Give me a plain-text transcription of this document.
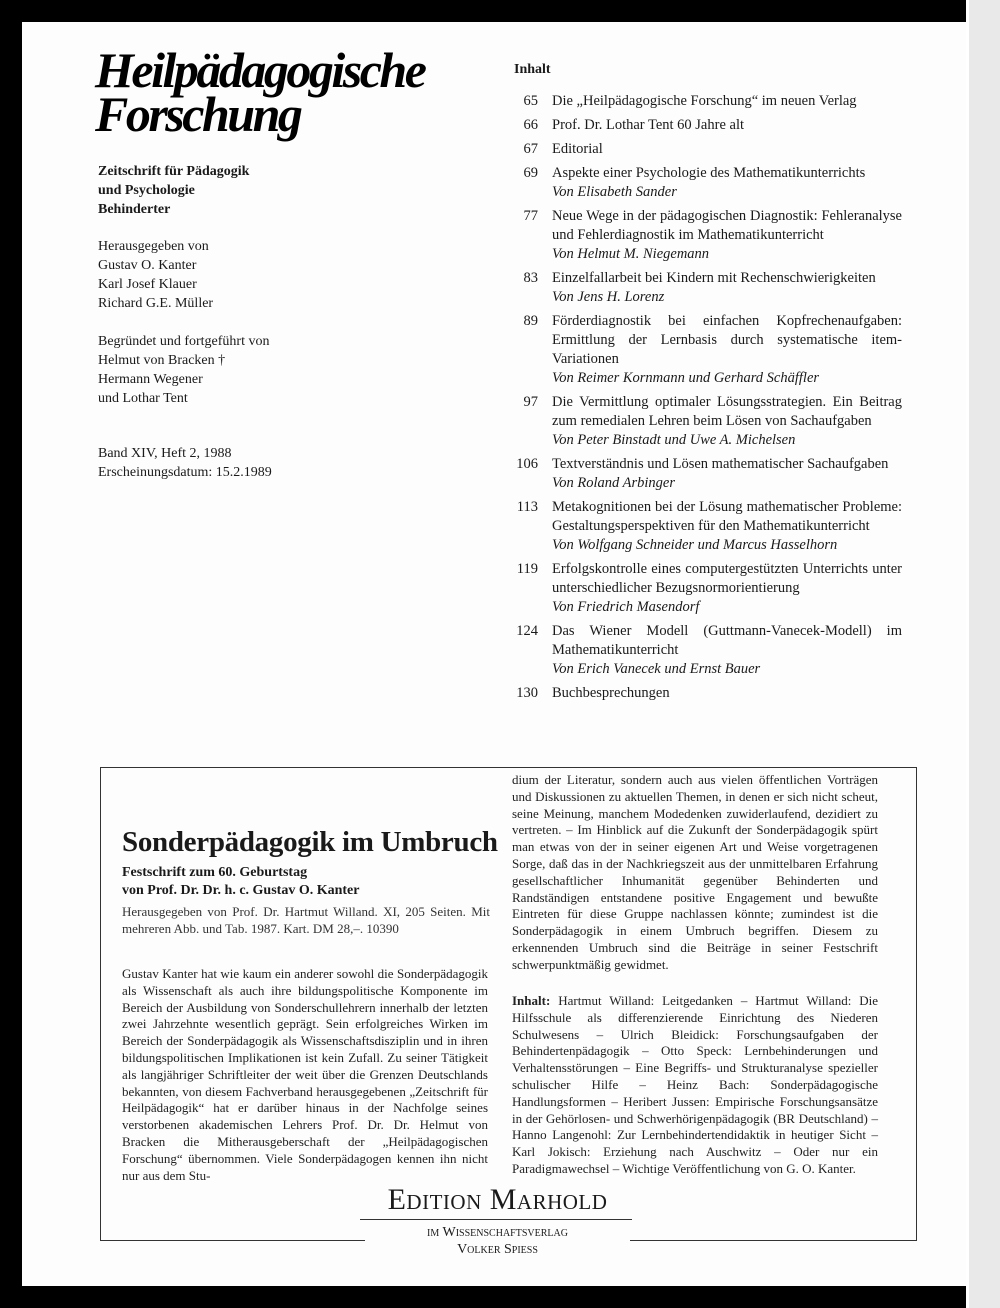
Heilpädagogische
Forschung
Zeitschrift für Pädagogik
und Psychologie
Behinderter
Herausgegeben von
Gustav O. Kanter
Karl Josef Klauer
Richard G.E. Müller
Begründet und fortgeführt von
Helmut von Bracken †
Hermann Wegener
und Lothar Tent
Band XIV, Heft 2, 1988
Erscheinungsdatum: 15.2.1989
Inhalt
65 Die „Heilpädagogische Forschung“ im neuen Verlag
66 Prof. Dr. Lothar Tent 60 Jahre alt
67 Editorial
69 Aspekte einer Psychologie des Mathematikunterrichts
Von Elisabeth Sander
77 Neue Wege in der pädagogischen Diagnostik: Fehleranalyse und Fehlerdiagnostik im Mathematikunterricht
Von Helmut M. Niegemann
83 Einzelfallarbeit bei Kindern mit Rechenschwierigkeiten
Von Jens H. Lorenz
89 Förderdiagnostik bei einfachen Kopfrechenaufgaben: Ermittlung der Lernbasis durch systematische item-Variationen
Von Reimer Kornmann und Gerhard Schäffler
97 Die Vermittlung optimaler Lösungsstrategien. Ein Beitrag zum remedialen Lehren beim Lösen von Sachaufgaben
Von Peter Binstadt und Uwe A. Michelsen
106 Textverständnis und Lösen mathematischer Sachaufgaben
Von Roland Arbinger
113 Metakognitionen bei der Lösung mathematischer Probleme: Gestaltungsperspektiven für den Mathematikunterricht
Von Wolfgang Schneider und Marcus Hasselhorn
119 Erfolgskontrolle eines computergestützten Unterrichts unter unterschiedlicher Bezugsnormorientierung
Von Friedrich Masendorf
124 Das Wiener Modell (Guttmann-Vanecek-Modell) im Mathematikunterricht
Von Erich Vanecek und Ernst Bauer
130 Buchbesprechungen
Sonderpädagogik im Umbruch
Festschrift zum 60. Geburtstag
von Prof. Dr. Dr. h. c. Gustav O. Kanter
Herausgegeben von Prof. Dr. Hartmut Willand. XI, 205 Seiten. Mit mehreren Abb. und Tab. 1987. Kart. DM 28,–. 10390
Gustav Kanter hat wie kaum ein anderer sowohl die Sonderpädagogik als Wissenschaft als auch ihre bildungspolitische Komponente im Bereich der Ausbildung von Sonderschullehrern innerhalb der letzten zwei Jahrzehnte wesentlich geprägt. Sein erfolgreiches Wirken im Bereich der Sonderpädagogik als Wissenschaftsdisziplin und in ihren bildungspolitischen Implikationen ist kein Zufall. Zu seiner Tätigkeit als langjähriger Schriftleiter der weit über die Grenzen Deutschlands bekannten, von diesem Fachverband herausgegebenen „Zeitschrift für Heilpädagogik“ hat er darüber hinaus in der Nachfolge seines verstorbenen akademischen Lehrers Prof. Dr. Dr. Helmut von Bracken die Mitherausgeberschaft der „Heilpädagogischen Forschung“ übernommen. Viele Sonderpädagogen kennen ihn nicht nur aus dem Stu-
dium der Literatur, sondern auch aus vielen öffentlichen Vorträgen und Diskussionen zu aktuellen Themen, in denen er sich nicht scheut, seine Meinung, manchem Modedenken zuwiderlaufend, dezidiert zu vertreten. – Im Hinblick auf die Zukunft der Sonderpädagogik spürt man etwas von der in seiner eigenen Art und Weise vorgetragenen Sorge, daß das in der Nachkriegszeit aus der unmittelbaren Erfahrung gesellschaftlicher Inhumanität gegenüber Behinderten und Randständigen entstandene positive Engagement und bewußte Eintreten für diese Gruppe nachlassen könnte; zumindest ist die Sonderpädagogik in einem Umbruch begriffen. Diesem zu erkennenden Umbruch sind die Beiträge in seiner Festschrift schwerpunktmäßig gewidmet.
Inhalt: Hartmut Willand: Leitgedanken – Hartmut Willand: Die Hilfsschule als differenzierende Einrichtung des Niederen Schulwesens – Ulrich Bleidick: Forschungsaufgaben der Behindertenpädagogik – Otto Speck: Lernbehinderungen und Verhaltensstörungen – Eine Begriffs- und Strukturanalyse spezieller schulischer Hilfe – Heinz Bach: Sonderpädagogische Handlungsformen – Heribert Jussen: Empirische Forschungsansätze in der Gehörlosen- und Schwerhörigenpädagogik (BR Deutschland) – Hanno Langenohl: Zur Lernbehindertendidaktik in heutiger Sicht – Karl Jokisch: Erziehung nach Auschwitz – Oder nur ein Paradigmawechsel – Wichtige Veröffentlichung von G. O. Kanter.
Edition Marhold
im Wissenschaftsverlag
Volker Spiess
